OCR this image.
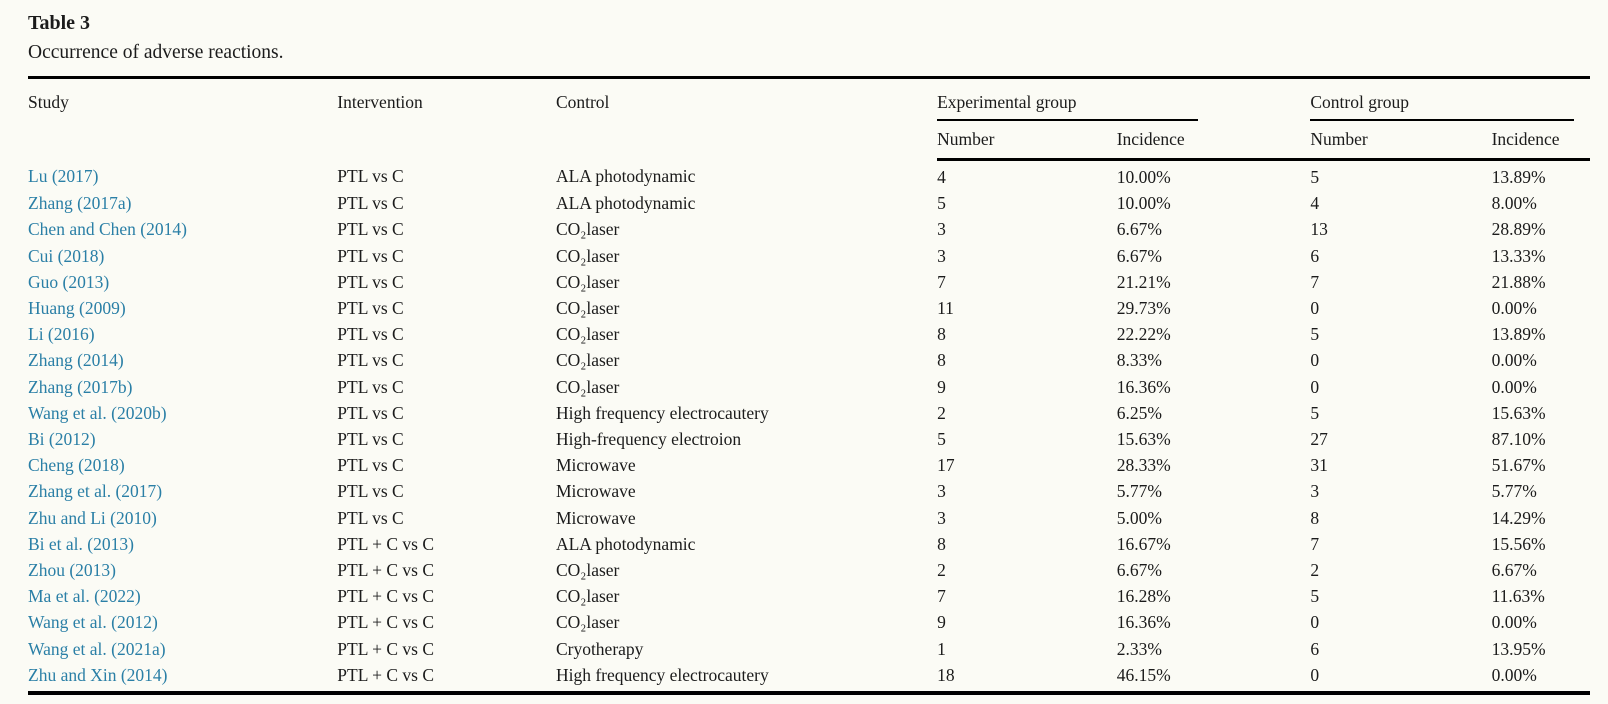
Table 3
Occurrence of adverse reactions.
Study	Intervention	Control	Experimental group		Control group	

			Number	Incidence	Number	Incidence
Lu (2017)	PTL vs C	ALA photodynamic	4	10.00%	5	13.89%
Zhang (2017a)	PTL vs C	ALA photodynamic	5	10.00%	4	8.00%
Chen and Chen (2014)	PTL vs C	CO₂laser	3	6.67%	13	28.89%
Cui (2018)	PTL vs C	CO₂laser	3	6.67%	6	13.33%
Guo (2013)	PTL vs C	CO₂laser	7	21.21%	7	21.88%
Huang (2009)	PTL vs C	CO₂laser	11	29.73%	0	0.00%
Li (2016)	PTL vs C	CO₂laser	8	22.22%	5	13.89%
Zhang (2014)	PTL vs C	CO₂laser	8	8.33%	0	0.00%
Zhang (2017b)	PTL vs C	CO₂laser	9	16.36%	0	0.00%
Wang et al. (2020b)	PTL vs C	High frequency electrocautery	2	6.25%	5	15.63%
Bi (2012)	PTL vs C	High-frequency electroion	5	15.63%	27	87.10%
Cheng (2018)	PTL vs C	Microwave	17	28.33%	31	51.67%
Zhang et al. (2017)	PTL vs C	Microwave	3	5.77%	3	5.77%
Zhu and Li (2010)	PTL vs C	Microwave	3	5.00%	8	14.29%
Bi et al. (2013)	PTL + C vs C	ALA photodynamic	8	16.67%	7	15.56%
Zhou (2013)	PTL + C vs C	CO₂laser	2	6.67%	2	6.67%
Ma et al. (2022)	PTL + C vs C	CO₂laser	7	16.28%	5	11.63%
Wang et al. (2012)	PTL + C vs C	CO₂laser	9	16.36%	0	0.00%
Wang et al. (2021a)	PTL + C vs C	Cryotherapy	1	2.33%	6	13.95%
Zhu and Xin (2014)	PTL + C vs C	High frequency electrocautery	18	46.15%	0	0.00%
